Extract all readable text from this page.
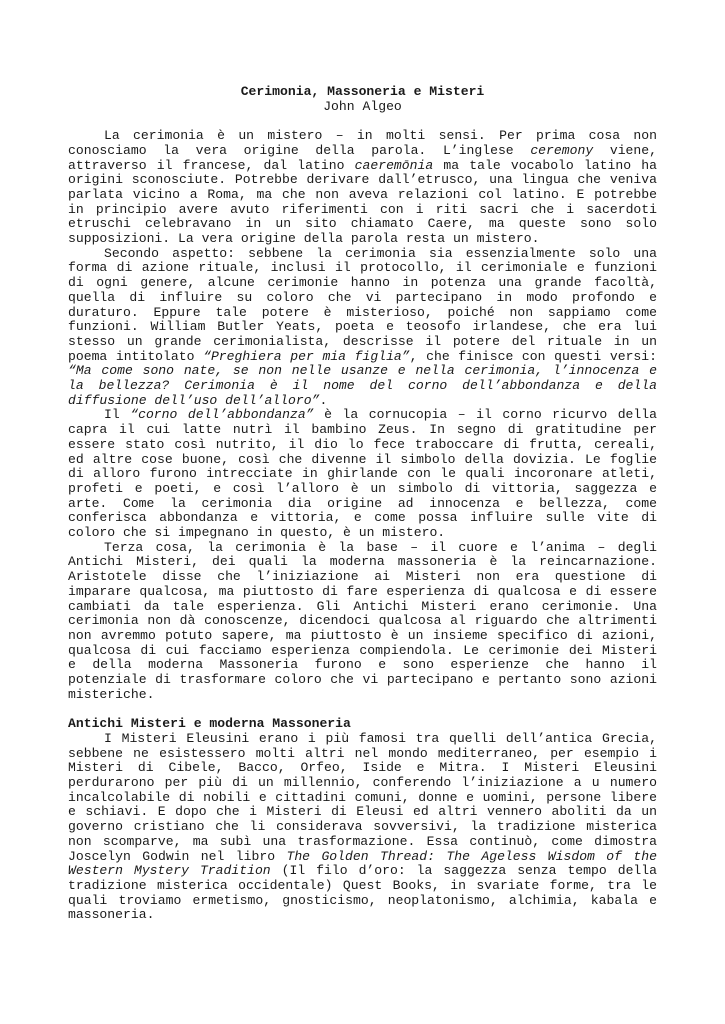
Cerimonia, Massoneria e Misteri
John Algeo

La cerimonia è un mistero – in molti sensi. Per prima cosa non conosciamo la vera origine della parola. L’inglese ceremony viene, attraverso il francese, dal latino caeremōnia ma tale vocabolo latino ha origini sconosciute. Potrebbe derivare dall’etrusco, una lingua che veniva parlata vicino a Roma, ma che non aveva relazioni col latino. E potrebbe in principio avere avuto riferimenti con i riti sacri che i sacerdoti etruschi celebravano in un sito chiamato Caere, ma queste sono solo supposizioni. La vera origine della parola resta un mistero.

Secondo aspetto: sebbene la cerimonia sia essenzialmente solo una forma di azione rituale, inclusi il protocollo, il cerimoniale e funzioni di ogni genere, alcune cerimonie hanno in potenza una grande facoltà, quella di influire su coloro che vi partecipano in modo profondo e duraturo. Eppure tale potere è misterioso, poiché non sappiamo come funzioni. William Butler Yeats, poeta e teosofo irlandese, che era lui stesso un grande cerimonialista, descrisse il potere del rituale in un poema intitolato “Preghiera per mia figlia”, che finisce con questi versi: “Ma come sono nate, se non nelle usanze e nella cerimonia, l’innocenza e la bellezza? Cerimonia è il nome del corno dell’abbondanza e della diffusione dell’uso dell’alloro”.

Il “corno dell’abbondanza” è la cornucopia – il corno ricurvo della capra il cui latte nutrì il bambino Zeus. In segno di gratitudine per essere stato così nutrito, il dio lo fece traboccare di frutta, cereali, ed altre cose buone, così che divenne il simbolo della dovizia. Le foglie di alloro furono intrecciate in ghirlande con le quali incoronare atleti, profeti e poeti, e così l’alloro è un simbolo di vittoria, saggezza e arte. Come la cerimonia dia origine ad innocenza e bellezza, come conferisca abbondanza e vittoria, e come possa influire sulle vite di coloro che si impegnano in questo, è un mistero.

Terza cosa, la cerimonia è la base – il cuore e l’anima – degli Antichi Misteri, dei quali la moderna massoneria è la reincarnazione. Aristotele disse che l’iniziazione ai Misteri non era questione di imparare qualcosa, ma piuttosto di fare esperienza di qualcosa e di essere cambiati da tale esperienza. Gli Antichi Misteri erano cerimonie. Una cerimonia non dà conoscenze, dicendoci qualcosa al riguardo che altrimenti non avremmo potuto sapere, ma piuttosto è un insieme specifico di azioni, qualcosa di cui facciamo esperienza compiendola. Le cerimonie dei Misteri e della moderna Massoneria furono e sono esperienze che hanno il potenziale di trasformare coloro che vi partecipano e pertanto sono azioni misteriche.

Antichi Misteri e moderna Massoneria

I Misteri Eleusini erano i più famosi tra quelli dell’antica Grecia, sebbene ne esistessero molti altri nel mondo mediterraneo, per esempio i Misteri di Cibele, Bacco, Orfeo, Iside e Mitra. I Misteri Eleusini perdurarono per più di un millennio, conferendo l’iniziazione a u numero incalcolabile di nobili e cittadini comuni, donne e uomini, persone libere e schiavi. E dopo che i Misteri di Eleusi ed altri vennero aboliti da un governo cristiano che li considerava sovversivi, la tradizione misterica non scomparve, ma subì una trasformazione. Essa continuò, come dimostra Joscelyn Godwin nel libro The Golden Thread: The Ageless Wisdom of the Western Mystery Tradition (Il filo d’oro: la saggezza senza tempo della tradizione misterica occidentale) Quest Books, in svariate forme, tra le quali troviamo ermetismo, gnosticismo, neoplatonismo, alchimia, kabala e massoneria.
